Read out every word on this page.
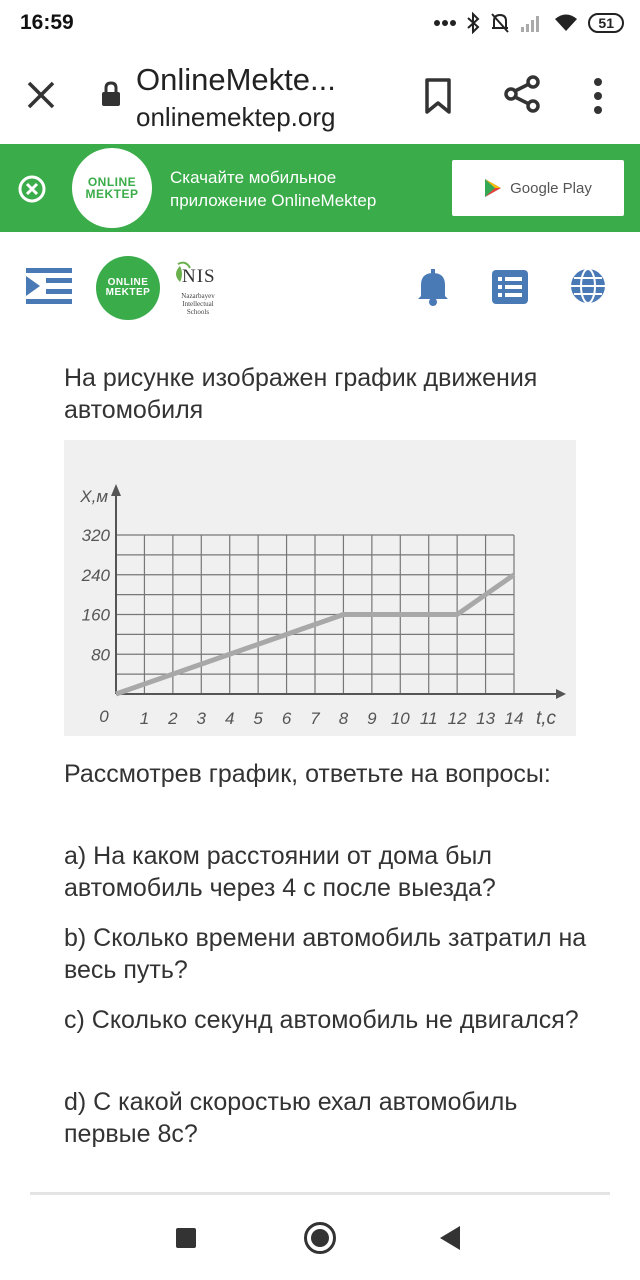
16:59	51
OnlineMekte...
onlinemektep.org
ONLINE
MEKTEP
Скачайте мобильное
приложение OnlineMektep
Google Play
ONLINE
MEKTEP
NIS
Nazarbayev
Intellectual
Schools
На рисунке изображен график движения автомобиля
1 2 3 4 5 6 7 8 9 10 11 12 13 14
80
160
240
320
0
X,м
t,c
Рассмотрев график, ответьте на вопросы:
a) На каком расстоянии от дома был автомобиль через 4 с после выезда?
b) Сколько времени автомобиль затратил на весь путь?
c) Сколько секунд автомобиль не двигался?
d) С какой скоростью ехал автомобиль первые 8с?
